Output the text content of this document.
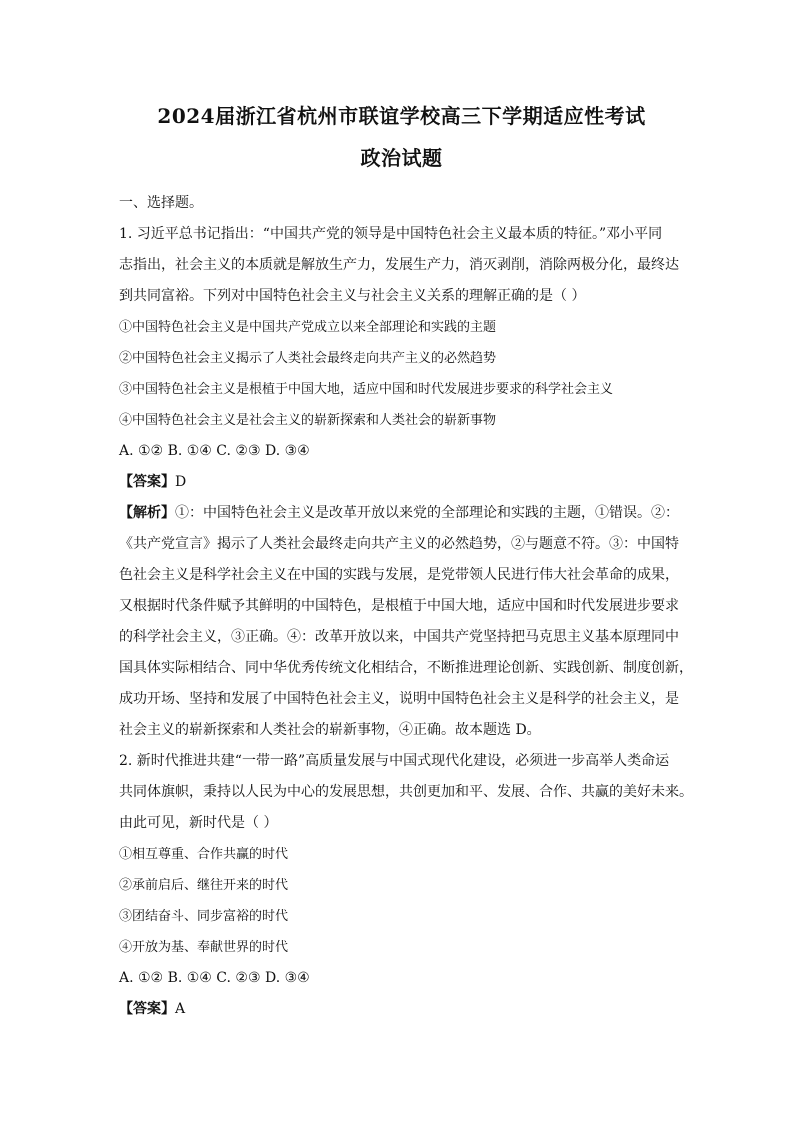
2024届浙江省杭州市联谊学校高三下学期适应性考试
政治试题

一、选择题。

1. 习近平总书记指出：“中国共产党的领导是中国特色社会主义最本质的特征。”邓小平同

志指出，社会主义的本质就是解放生产力，发展生产力，消灭剥削，消除两极分化，最终达

到共同富裕。下列对中国特色社会主义与社会主义关系的理解正确的是（ ）

①中国特色社会主义是中国共产党成立以来全部理论和实践的主题

②中国特色社会主义揭示了人类社会最终走向共产主义的必然趋势

③中国特色社会主义是根植于中国大地，适应中国和时代发展进步要求的科学社会主义

④中国特色社会主义是社会主义的崭新探索和人类社会的崭新事物

A. ①② B. ①④ C. ②③ D. ③④

【答案】D

【解析】①：中国特色社会主义是改革开放以来党的全部理论和实践的主题，①错误。②：

《共产党宣言》揭示了人类社会最终走向共产主义的必然趋势，②与题意不符。③：中国特

色社会主义是科学社会主义在中国的实践与发展，是党带领人民进行伟大社会革命的成果，

又根据时代条件赋予其鲜明的中国特色，是根植于中国大地，适应中国和时代发展进步要求

的科学社会主义，③正确。④：改革开放以来，中国共产党坚持把马克思主义基本原理同中

国具体实际相结合、同中华优秀传统文化相结合，不断推进理论创新、实践创新、制度创新，

成功开场、坚持和发展了中国特色社会主义，说明中国特色社会主义是科学的社会主义，是

社会主义的崭新探索和人类社会的崭新事物，④正确。故本题选 D。

2. 新时代推进共建“一带一路”高质量发展与中国式现代化建设，必须进一步高举人类命运

共同体旗帜，秉持以人民为中心的发展思想，共创更加和平、发展、合作、共赢的美好未来。

由此可见，新时代是（ ）

①相互尊重、合作共赢的时代

②承前启后、继往开来的时代

③团结奋斗、同步富裕的时代

④开放为基、奉献世界的时代

A. ①② B. ①④ C. ②③ D. ③④

【答案】A
